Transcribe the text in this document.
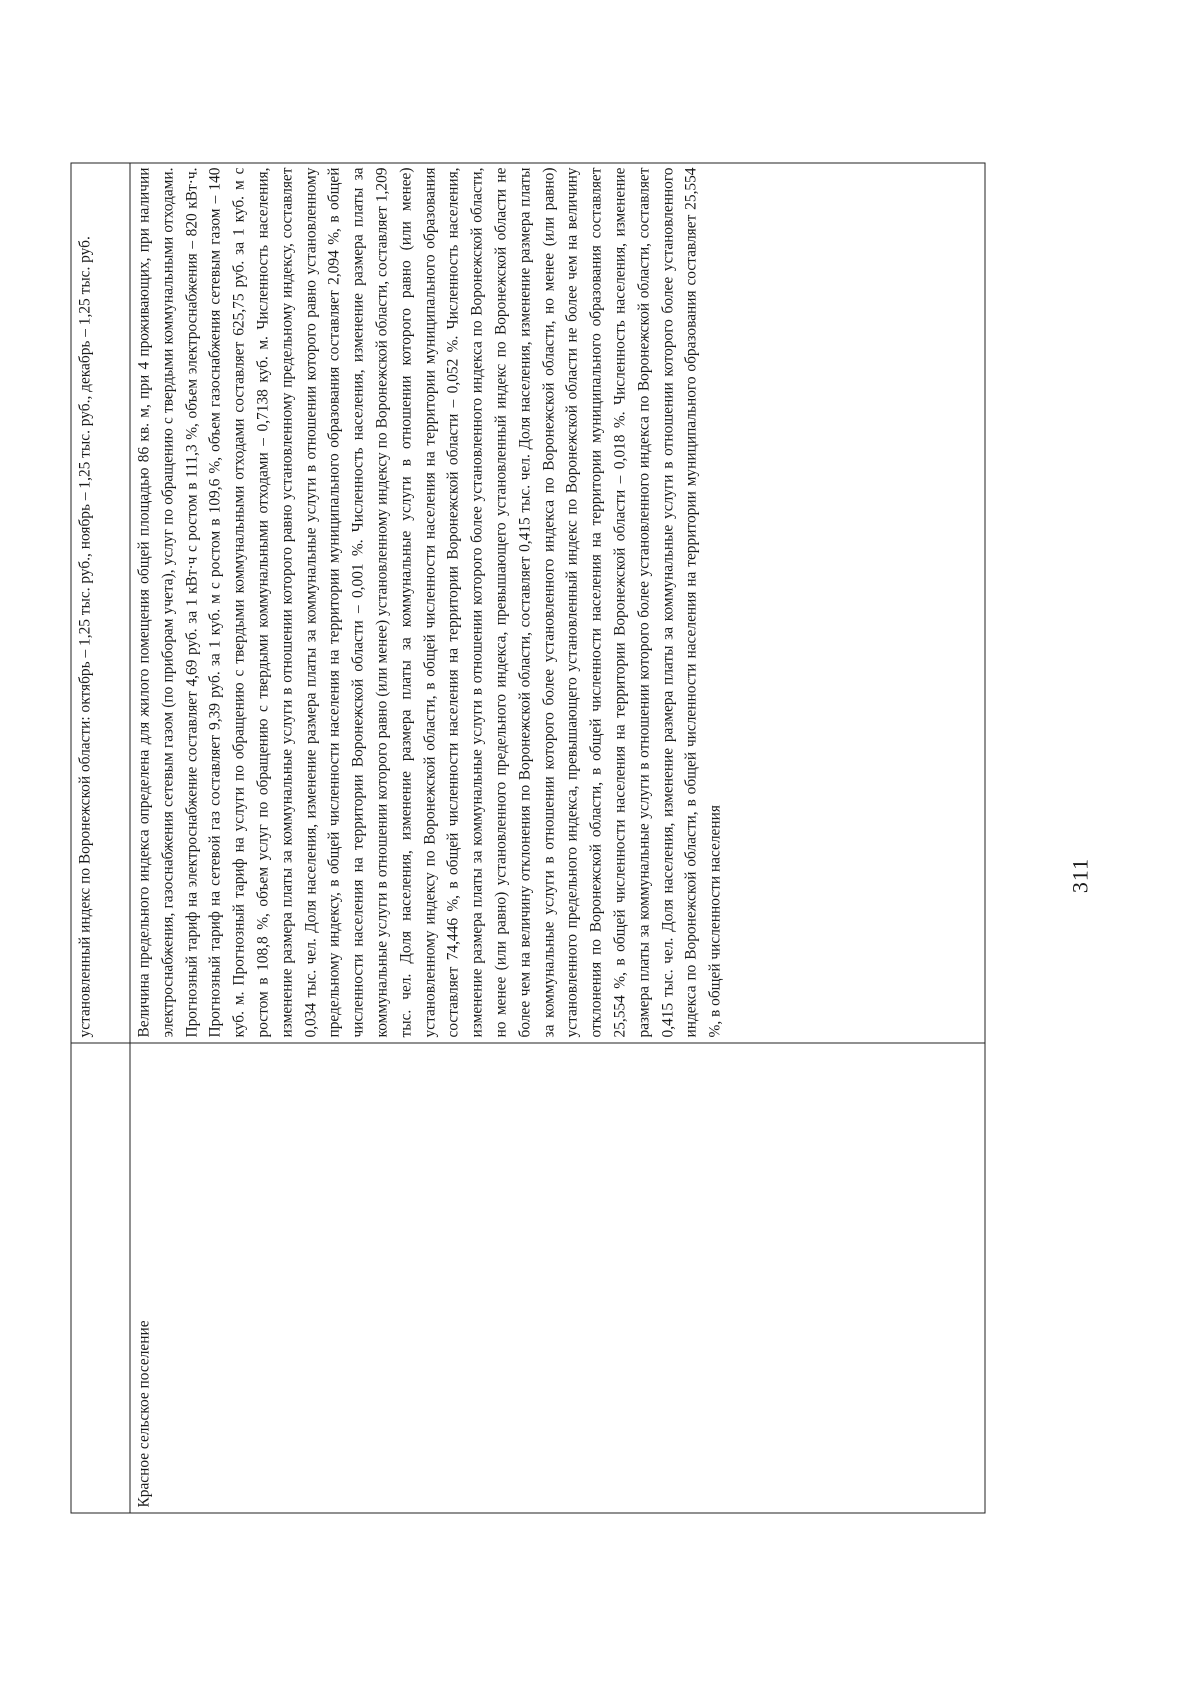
311
	установленный индекс по Воронежской области: октябрь – 1,25 тыс. руб., ноябрь – 1,25 тыс. руб., декабрь – 1,25 тыс. руб.
Красное сельское поселение	Величина предельного индекса определена для жилого помещения общей площадью 86 кв. м, при 4 проживающих, при наличии электроснабжения, газоснабжения сетевым газом (по приборам учета), услуг по обращению с твердыми коммунальными отходами. Прогнозный тариф на электроснабжение составляет 4,69 руб. за 1 кВт·ч с ростом в 111,3 %, объем электроснабжения – 820 кВт·ч. Прогнозный тариф на сетевой газ составляет 9,39 руб. за 1 куб. м с ростом в 109,6 %, объем газоснабжения сетевым газом – 140 куб. м. Прогнозный тариф на услуги по обращению с твердыми коммунальными отходами составляет 625,75 руб. за 1 куб. м с ростом в 108,8 %, объем услуг по обращению с твердыми коммунальными отходами – 0,7138 куб. м. Численность населения, изменение размера платы за коммунальные услуги в отношении которого равно установленному предельному индексу, составляет 0,034 тыс. чел. Доля населения, изменение размера платы за коммунальные услуги в отношении которого равно установленному предельному индексу, в общей численности населения на территории муниципального образования составляет 2,094 %, в общей численности населения на территории Воронежской области – 0,001 %. Численность населения, изменение размера платы за коммунальные услуги в отношении которого равно (или менее) установленному индексу по Воронежской области, составляет 1,209 тыс. чел. Доля населения, изменение размера платы за коммунальные услуги в отношении которого равно (или менее) установленному индексу по Воронежской области, в общей численности населения на территории муниципального образования составляет 74,446 %, в общей численности населения на территории Воронежской области – 0,052 %. Численность населения, изменение размера платы за коммунальные услуги в отношении которого более установленного индекса по Воронежской области, но менее (или равно) установленного предельного индекса, превышающего установленный индекс по Воронежской области не более чем на величину отклонения по Воронежской области, составляет 0,415 тыс. чел. Доля населения, изменение размера платы за коммунальные услуги в отношении которого более установленного индекса по Воронежской области, но менее (или равно) установленного предельного индекса, превышающего установленный индекс по Воронежской области не более чем на величину отклонения по Воронежской области, в общей численности населения на территории муниципального образования составляет 25,554 %, в общей численности населения на территории Воронежской области – 0,018 %. Численность населения, изменение размера платы за коммунальные услуги в отношении которого более установленного индекса по Воронежской области, составляет 0,415 тыс. чел. Доля населения, изменение размера платы за коммунальные услуги в отношении которого более установленного индекса по Воронежской области, в общей численности населения на территории муниципального образования составляет 25,554 %, в общей численности населения
